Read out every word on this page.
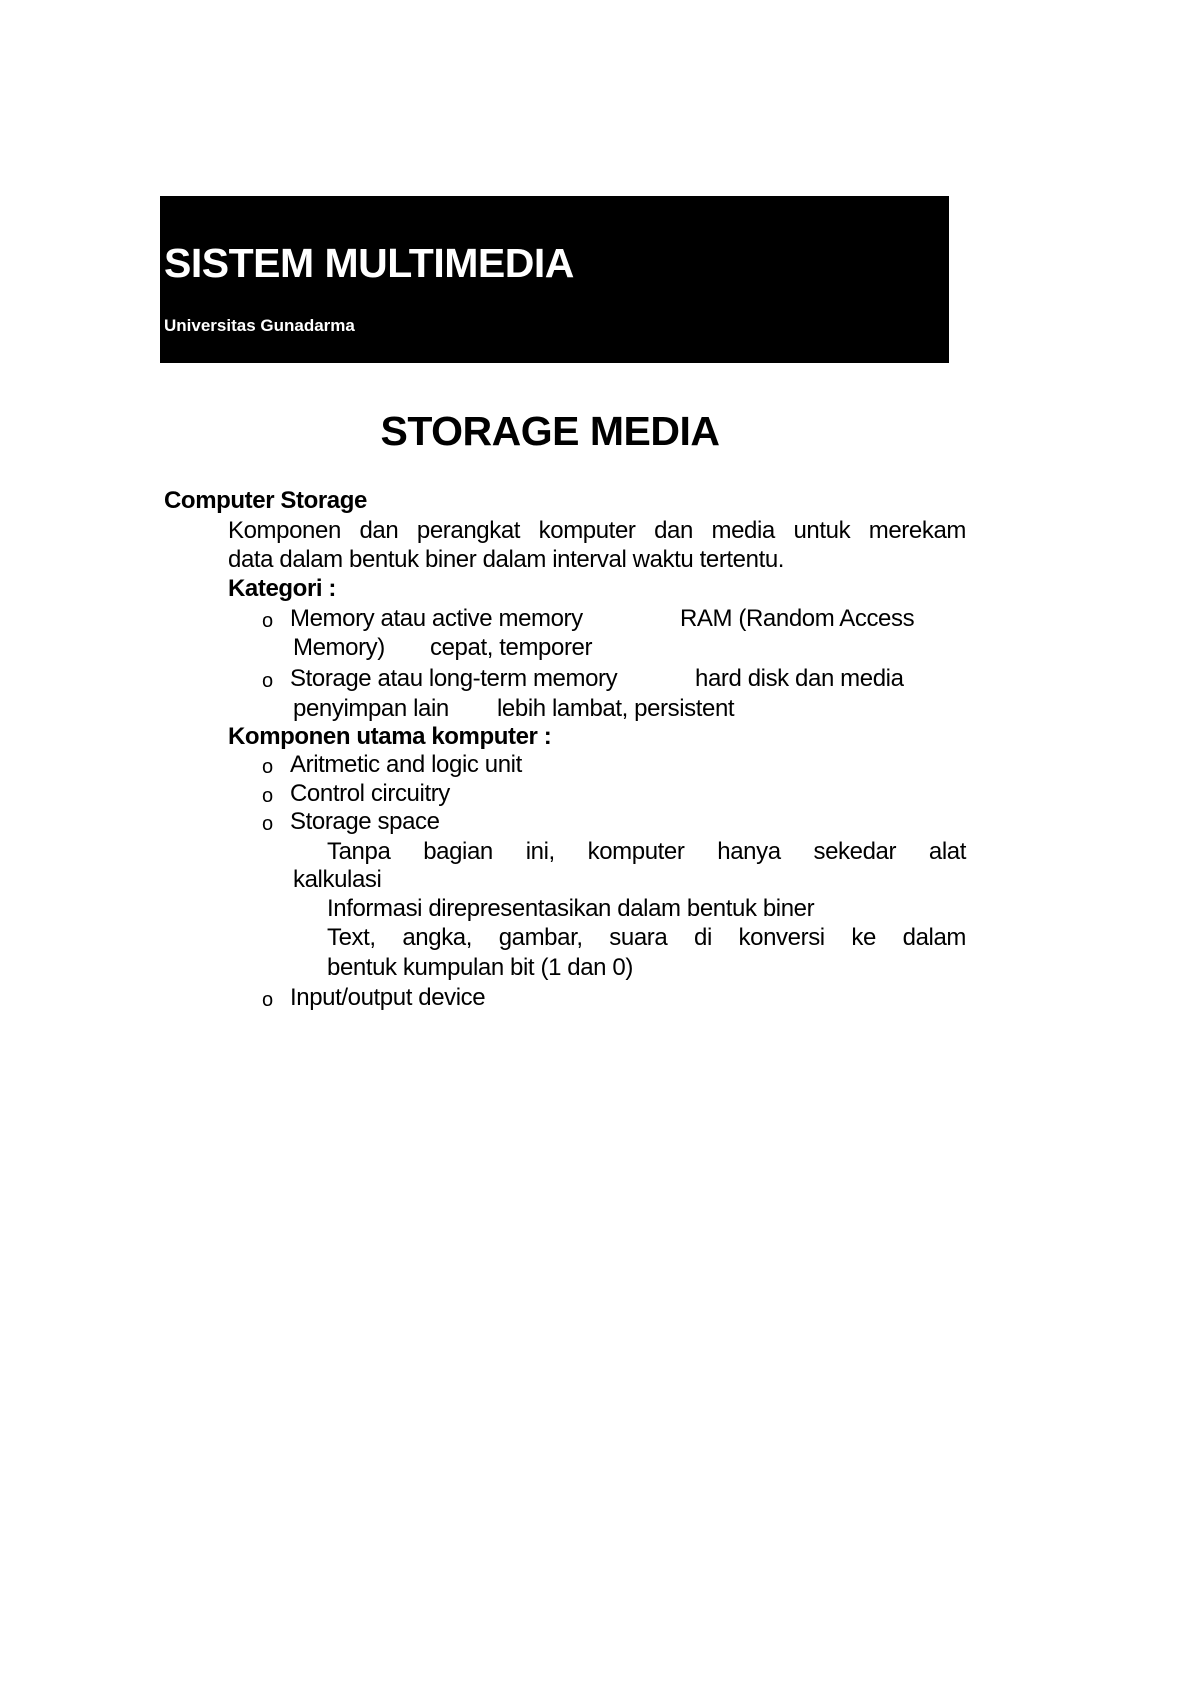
SISTEM MULTIMEDIA
Universitas Gunadarma
STORAGE MEDIA
Computer Storage
Komponen dan perangkat komputer dan media untuk merekam
data dalam bentuk biner dalam interval waktu tertentu.
Kategori :
o Memory atau active memory	RAM (Random Access
Memory) cepat, temporer
o Storage atau long-term memory	hard disk dan media
penyimpan lain lebih lambat, persistent
Komponen utama komputer :
o Aritmetic and logic unit
o Control circuitry
o Storage space
Tanpa bagian ini, komputer hanya sekedar alat
kalkulasi
Informasi direpresentasikan dalam bentuk biner
Text, angka, gambar, suara di konversi ke dalam
bentuk kumpulan bit (1 dan 0)
o Input/output device
